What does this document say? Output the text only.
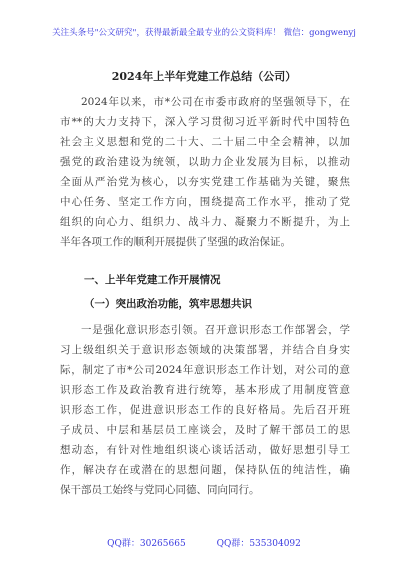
关注头条号"公文研究"，获得最新最全最专业的公文资料库！ 微信：gongwenyj
2024年上半年党建工作总结（公司）
2024年以来，市*公司在市委市政府的坚强领导下，在
市**的大力支持下，深入学习贯彻习近平新时代中国特色
社会主义思想和党的二十大、二十届二中全会精神，以加
强党的政治建设为统领，以助力企业发展为目标，以推动
全面从严治党为核心，以夯实党建工作基础为关键，聚焦
中心任务、坚定工作方向，围绕提高工作水平，推动了党
组织的向心力、组织力、战斗力、凝聚力不断提升，为上
半年各项工作的顺利开展提供了坚强的政治保证。
一、上半年党建工作开展情况
（一）突出政治功能，筑牢思想共识
一是强化意识形态引领。召开意识形态工作部署会，学
习上级组织关于意识形态领域的决策部署，并结合自身实
际，制定了市*公司2024年意识形态工作计划，对公司的意
识形态工作及政治教育进行统筹，基本形成了用制度管意
识形态工作，促进意识形态工作的良好格局。先后召开班
子成员、中层和基层员工座谈会，及时了解干部员工的思
想动态，有针对性地组织谈心谈话活动，做好思想引导工
作，解决存在或潜在的思想问题，保持队伍的纯洁性，确
保干部员工始终与党同心同德、同向同行。
QQ群：30265665	QQ群：535304092
